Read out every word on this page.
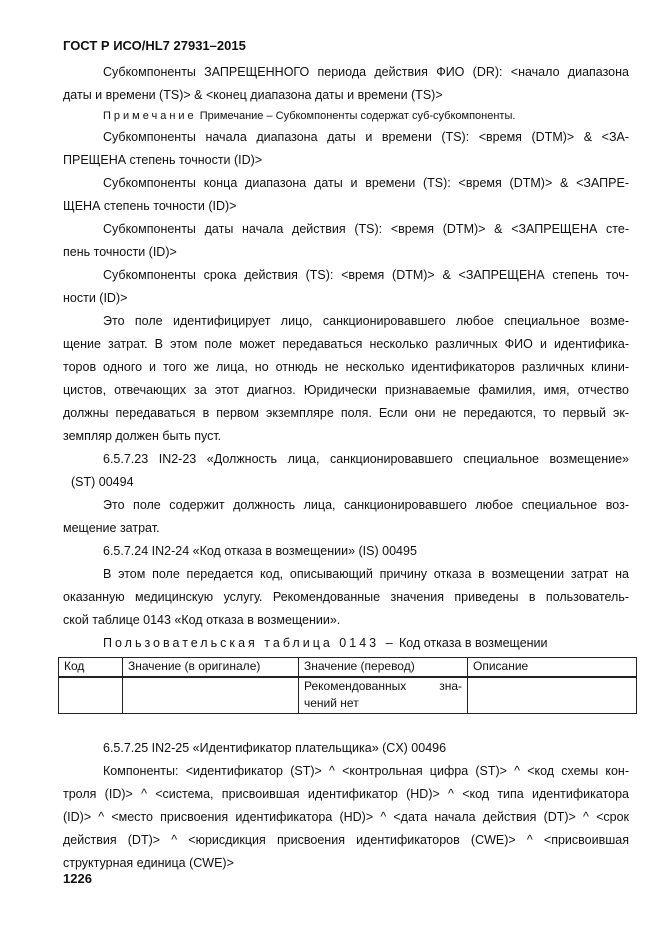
ГОСТ Р ИСО/HL7 27931–2015
Субкомпоненты ЗАПРЕЩЕННОГО периода действия ФИО (DR): <начало диапазона
даты и времени (TS)> & <конец диапазона даты и времени (TS)>
Примечание Примечание – Субкомпоненты содержат суб-субкомпоненты.
Субкомпоненты начала диапазона даты и времени (TS): <время (DTM)> & <ЗА-
ПРЕЩЕНА степень точности (ID)>
Субкомпоненты конца диапазона даты и времени (TS): <время (DTM)> & <ЗАПРЕ-
ЩЕНА степень точности (ID)>
Субкомпоненты даты начала действия (TS): <время (DTM)> & <ЗАПРЕЩЕНА сте-
пень точности (ID)>
Субкомпоненты срока действия (TS): <время (DTM)> & <ЗАПРЕЩЕНА степень точ-
ности (ID)>
Это поле идентифицирует лицо, санкционировавшего любое специальное возме-
щение затрат. В этом поле может передаваться несколько различных ФИО и идентифика-
торов одного и того же лица, но отнюдь не несколько идентификаторов различных клини-
цистов, отвечающих за этот диагноз. Юридически признаваемые фамилия, имя, отчество
должны передаваться в первом экземпляре поля. Если они не передаются, то первый эк-
земпляр должен быть пуст.
6.5.7.23 IN2-23 «Должность лица, санкционировавшего специальное возмещение»
(ST) 00494
Это поле содержит должность лица, санкционировавшего любое специальное воз-
мещение затрат.
6.5.7.24 IN2-24 «Код отказа в возмещении» (IS) 00495
В этом поле передается код, описывающий причину отказа в возмещении затрат на
оказанную медицинскую услугу. Рекомендованные значения приведены в пользователь-
ской таблице 0143 «Код отказа в возмещении».
Пользовательская таблица 0143 – Код отказа в возмещении
Код	Значение (в оригинале)	Значение (перевод)	Описание

		Рекомендованных зна-
чений нет	

6.5.7.25 IN2-25 «Идентификатор плательщика» (CX) 00496
Компоненты: <идентификатор (ST)> ^ <контрольная цифра (ST)> ^ <код схемы кон-
троля (ID)> ^ <система, присвоившая идентификатор (HD)> ^ <код типа идентификатора
(ID)> ^ <место присвоения идентификатора (HD)> ^ <дата начала действия (DT)> ^ <срок
действия (DT)> ^ <юрисдикция присвоения идентификаторов (CWE)> ^ <присвоившая
структурная единица (CWE)>
1226
